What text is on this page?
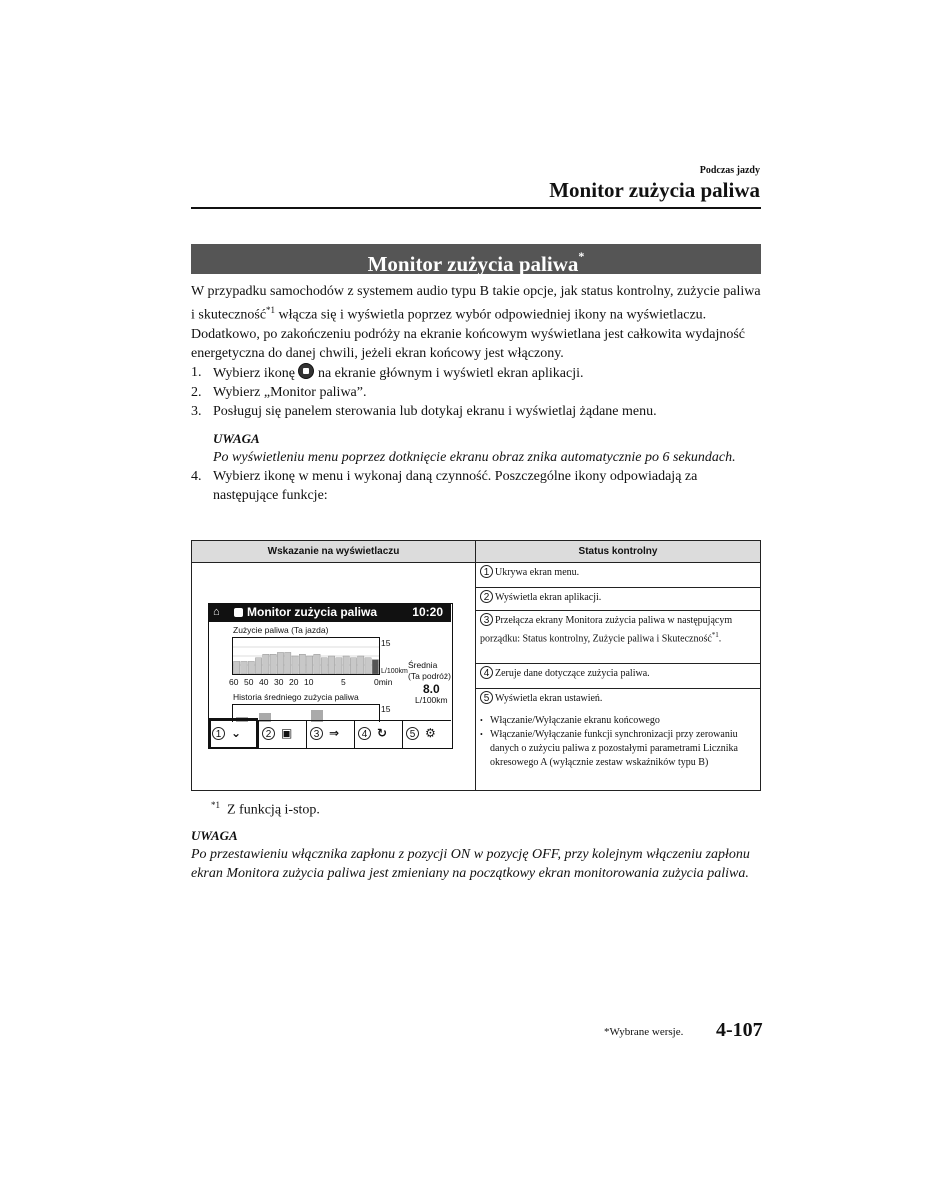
Podczas jazdy
Monitor zużycia paliwa
Monitor zużycia paliwa*

W przypadku samochodów z systemem audio typu B takie opcje, jak status kontrolny, zużycie paliwa i skuteczność$^{*1}$ włącza się i wyświetla poprzez wybór odpowiedniej ikony na wyświetlaczu.

Dodatkowo, po zakończeniu podróży na ekranie końcowym wyświetlana jest całkowita wydajność energetyczna do danej chwili, jeżeli ekran końcowy jest włączony.

1. Wybierz ikonę  na ekranie głównym i wyświetl ekran aplikacji.
2. Wybierz „Monitor paliwa”.
3. Posługuj się panelem sterowania lub dotykaj ekranu i wyświetlaj żądane menu.
UWAGA
Po wyświetleniu menu poprzez dotknięcie ekranu obraz znika automatycznie po 6 sekundach.
4. Wybierz ikonę w menu i wykonaj daną czynność. Poszczególne ikony odpowiadają za następujące funkcje:
Wskazanie na wyświetlaczu	Status kontrolny
⌂ Monitor zużycia paliwa	10:20
Zużycie paliwa (Ta jazda)
15
L/100km
60 50 40 30 20 10	5	0min
Średnia
(Ta podróż)
8.0
L/100km
Historia średniego zużycia paliwa
15
1 ⌄	2 ▣	3 ⇒	4 ↻	5 ⚙
1 Ukrywa ekran menu.
2 Wyświetla ekran aplikacji.
3 Przełącza ekrany Monitora zużycia paliwa w następującym porządku: Status kontrolny, Zużycie paliwa i Skuteczność$^{*1}$.
4 Zeruje dane dotyczące zużycia paliwa.
5 Wyświetla ekran ustawień.
• Włączanie/Wyłączanie ekranu końcowego
• Włączanie/Wyłączanie funkcji synchronizacji przy zerowaniu danych o zużyciu paliwa z pozostałymi parametrami Licznika okresowego A (wyłącznie zestaw wskaźników typu B)
$^{*1}$ Z funkcją i-stop.
UWAGA
Po przestawieniu włącznika zapłonu z pozycji ON w pozycję OFF, przy kolejnym włączeniu zapłonu ekran Monitora zużycia paliwa jest zmieniany na początkowy ekran monitorowania zużycia paliwa.
*Wybrane wersje. 4-107
